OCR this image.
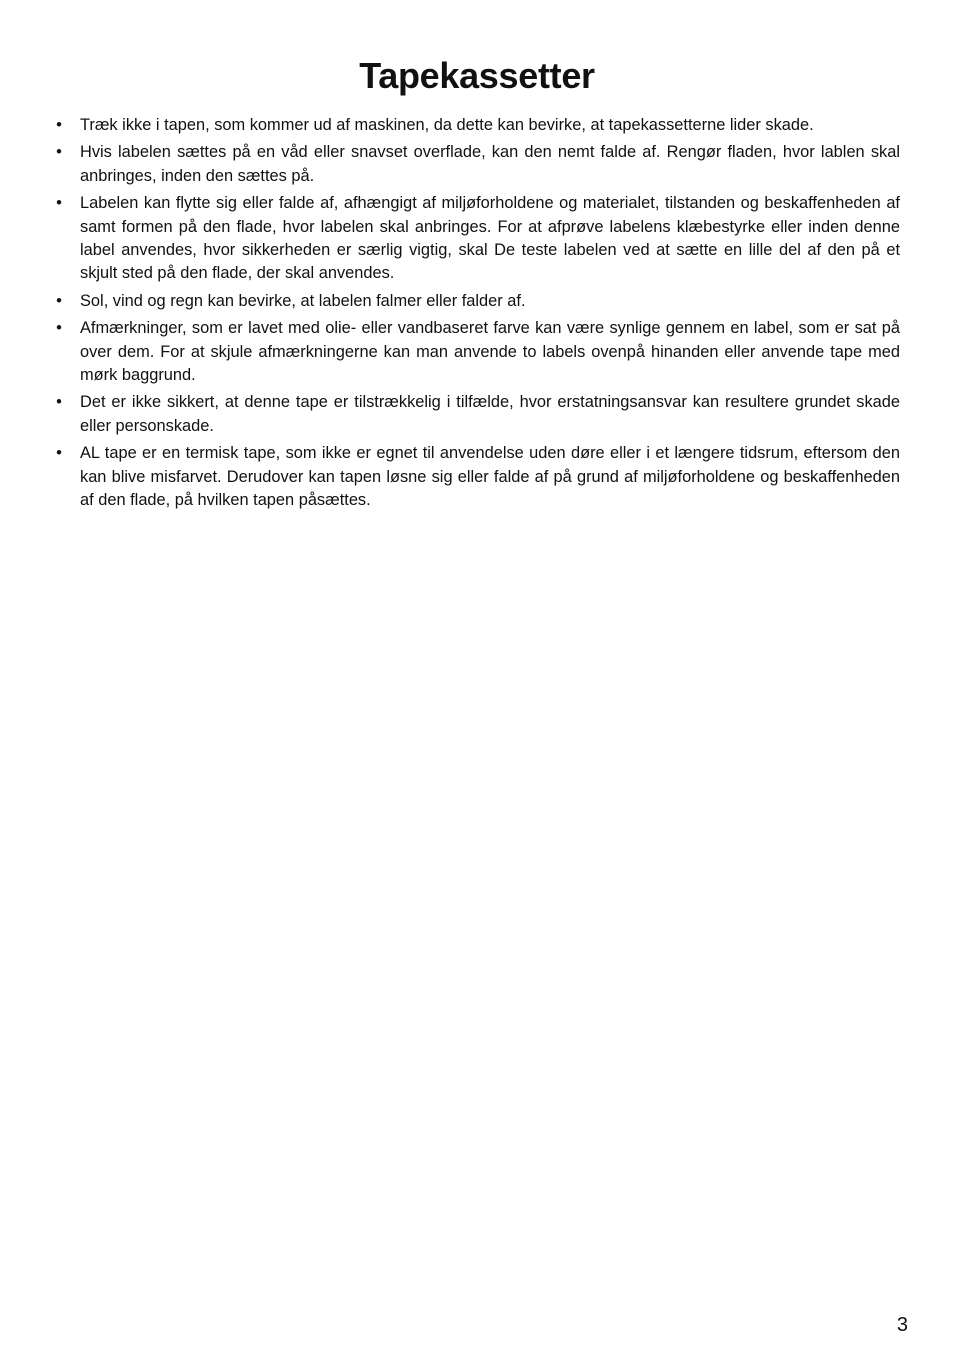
Tapekassetter
• Træk ikke i tapen, som kommer ud af maskinen, da dette kan bevirke, at tapekassetterne lider skade.
• Hvis labelen sættes på en våd eller snavset overflade, kan den nemt falde af. Rengør fladen, hvor lablen skal anbringes, inden den sættes på.
• Labelen kan flytte sig eller falde af, afhængigt af miljøforholdene og materialet, tilstanden og beskaffenheden af samt formen på den flade, hvor labelen skal anbringes. For at afprøve labelens klæbestyrke eller inden denne label anvendes, hvor sikkerheden er særlig vigtig, skal De teste labelen ved at sætte en lille del af den på et skjult sted på den flade, der skal anvendes.
• Sol, vind og regn kan bevirke, at labelen falmer eller falder af.
• Afmærkninger, som er lavet med olie- eller vandbaseret farve kan være synlige gennem en label, som er sat på over dem. For at skjule afmærkningerne kan man anvende to labels ovenpå hinanden eller anvende tape med mørk baggrund.
• Det er ikke sikkert, at denne tape er tilstrækkelig i tilfælde, hvor erstatningsansvar kan resultere grundet skade eller personskade.
• AL tape er en termisk tape, som ikke er egnet til anvendelse uden døre eller i et længere tidsrum, eftersom den kan blive misfarvet. Derudover kan tapen løsne sig eller falde af på grund af miljøforholdene og beskaffenheden af den flade, på hvilken tapen påsættes.
3
